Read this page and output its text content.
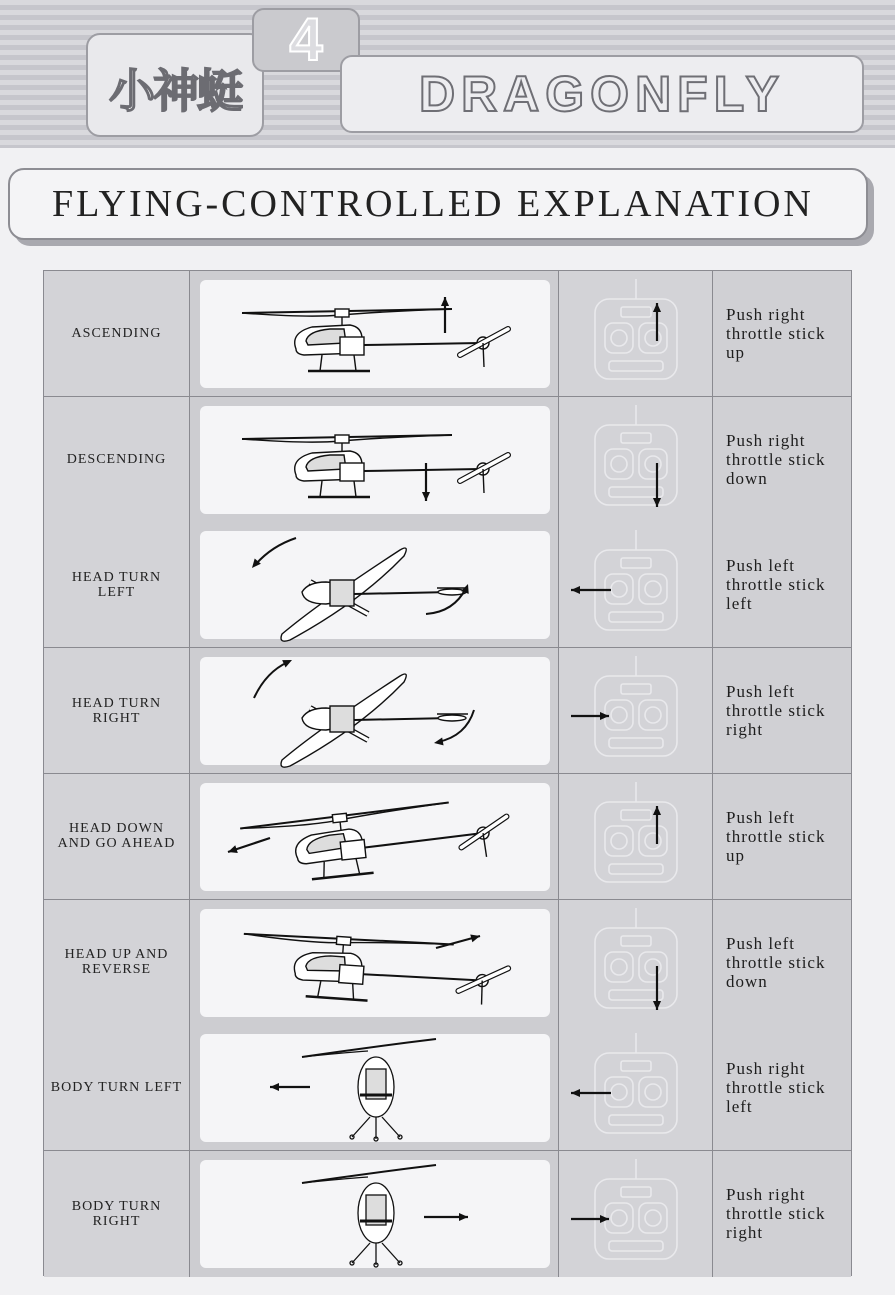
小神蜓
4
DRAGONFLY
FLYING-CONTROLLED EXPLANATION
ASCENDING
Push right
throttle stick
up
DESCENDING
Push right
throttle stick
down
HEAD TURN
LEFT
Push left
throttle stick
left
HEAD TURN
RIGHT
Push left
throttle stick
right
HEAD DOWN
AND GO AHEAD
Push left
throttle stick
up
HEAD UP AND
REVERSE
Push left
throttle stick
down
BODY TURN LEFT
Push right
throttle stick
left
BODY TURN
RIGHT
Push right
throttle stick
right
